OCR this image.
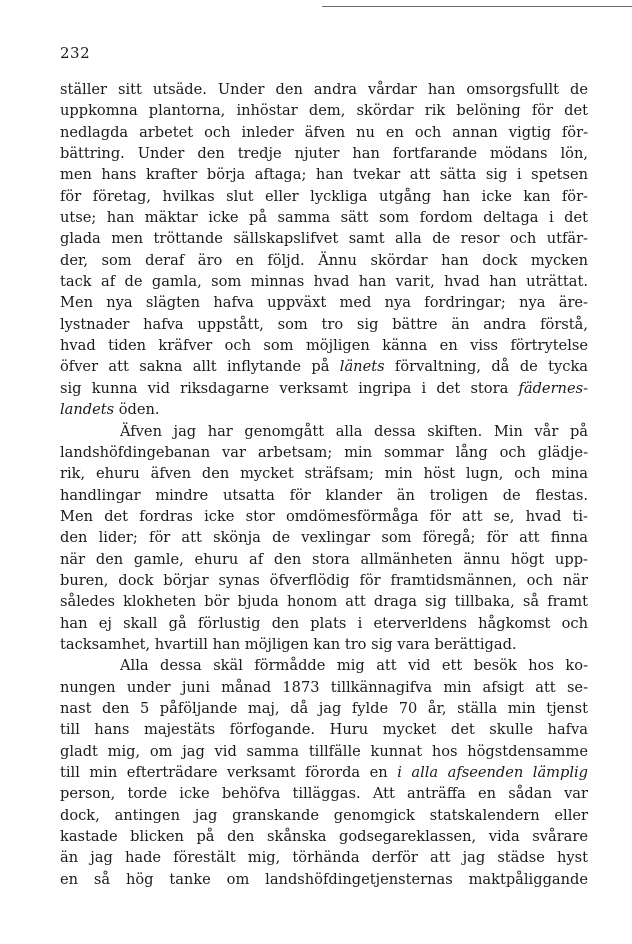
232
ställer sitt utsäde. Under den andra vårdar han omsorgsfullt de
uppkomna plantorna, inhöstar dem, skördar rik belöning för det
nedlagda arbetet och inleder äfven nu en och annan vigtig för-
bättring. Under den tredje njuter han fortfarande mödans lön,
men hans krafter börja aftaga; han tvekar att sätta sig i spetsen
för företag, hvilkas slut eller lyckliga utgång han icke kan för-
utse; han mäktar icke på samma sätt som fordom deltaga i det
glada men tröttande sällskapslifvet samt alla de resor och utfär-
der, som deraf äro en följd. Ännu skördar han dock mycken
tack af de gamla, som minnas hvad han varit, hvad han uträttat.
Men nya slägten hafva uppväxt med nya fordringar; nya äre-
lystnader hafva uppstått, som tro sig bättre än andra förstå,
hvad tiden kräfver och som möjligen känna en viss förtrytelse
öfver att sakna allt inflytande på länets förvaltning, då de tycka
sig kunna vid riksdagarne verksamt ingripa i det stora fädernes-
landets öden.
Äfven jag har genomgått alla dessa skiften. Min vår på
landshöfdingebanan var arbetsam; min sommar lång och glädje-
rik, ehuru äfven den mycket sträfsam; min höst lugn, och mina
handlingar mindre utsatta för klander än troligen de flestas.
Men det fordras icke stor omdömesförmåga för att se, hvad ti-
den lider; för att skönja de vexlingar som föregå; för att finna
när den gamle, ehuru af den stora allmänheten ännu högt upp-
buren, dock börjar synas öfverflödig för framtidsmännen, och när
således klokheten bör bjuda honom att draga sig tillbaka, så framt
han ej skall gå förlustig den plats i eterverldens hågkomst och
tacksamhet, hvartill han möjligen kan tro sig vara berättigad.
Alla dessa skäl förmådde mig att vid ett besök hos ko-
nungen under juni månad 1873 tillkännagifva min afsigt att se-
nast den 5 påföljande maj, då jag fylde 70 år, ställa min tjenst
till hans majestäts förfogande. Huru mycket det skulle hafva
gladt mig, om jag vid samma tillfälle kunnat hos högstdensamme
till min efterträdare verksamt förorda en i alla afseenden lämplig
person, torde icke behöfva tilläggas. Att anträffa en sådan var
dock, antingen jag granskande genomgick statskalendern eller
kastade blicken på den skånska godsegareklassen, vida svårare
än jag hade förestält mig, törhända derför att jag städse hyst
en så hög tanke om landshöfdingetjensternas maktpåliggande
